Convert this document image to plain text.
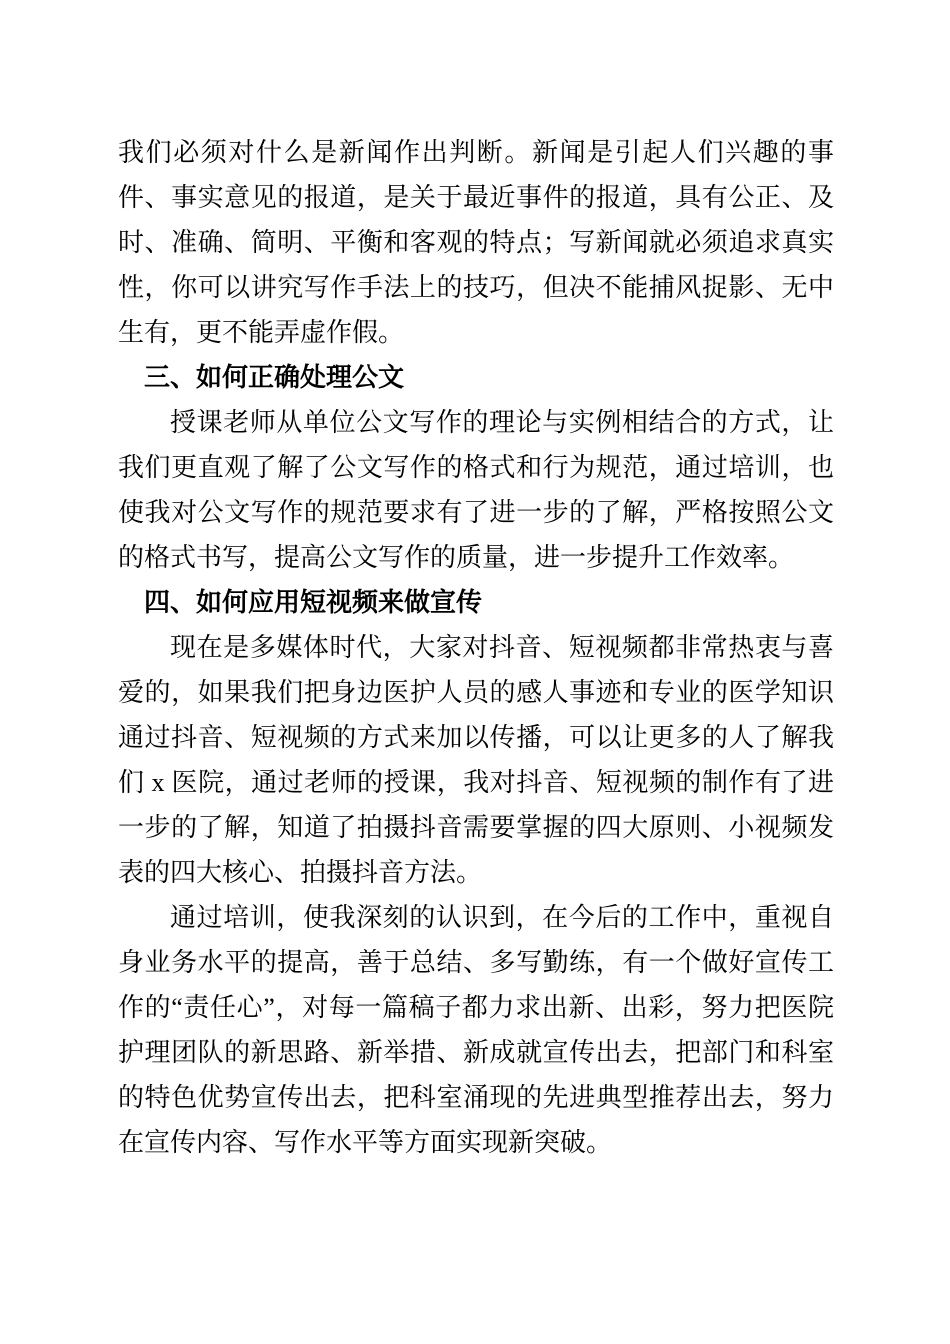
我们必须对什么是新闻作出判断。新闻是引起人们兴趣的事件、事实意见的报道，是关于最近事件的报道，具有公正、及时、准确、简明、平衡和客观的特点；写新闻就必须追求真实性，你可以讲究写作手法上的技巧，但决不能捕风捉影、无中生有，更不能弄虚作假。

三、如何正确处理公文

授课老师从单位公文写作的理论与实例相结合的方式，让我们更直观了解了公文写作的格式和行为规范，通过培训，也使我对公文写作的规范要求有了进一步的了解，严格按照公文的格式书写，提高公文写作的质量，进一步提升工作效率。

四、如何应用短视频来做宣传

现在是多媒体时代，大家对抖音、短视频都非常热衷与喜爱的，如果我们把身边医护人员的感人事迹和专业的医学知识通过抖音、短视频的方式来加以传播，可以让更多的人了解我们 x 医院，通过老师的授课，我对抖音、短视频的制作有了进一步的了解，知道了拍摄抖音需要掌握的四大原则、小视频发表的四大核心、拍摄抖音方法。

通过培训，使我深刻的认识到，在今后的工作中，重视自身业务水平的提高，善于总结、多写勤练，有一个做好宣传工作的“责任心”，对每一篇稿子都力求出新、出彩，努力把医院护理团队的新思路、新举措、新成就宣传出去，把部门和科室的特色优势宣传出去，把科室涌现的先进典型推荐出去，努力在宣传内容、写作水平等方面实现新突破。
